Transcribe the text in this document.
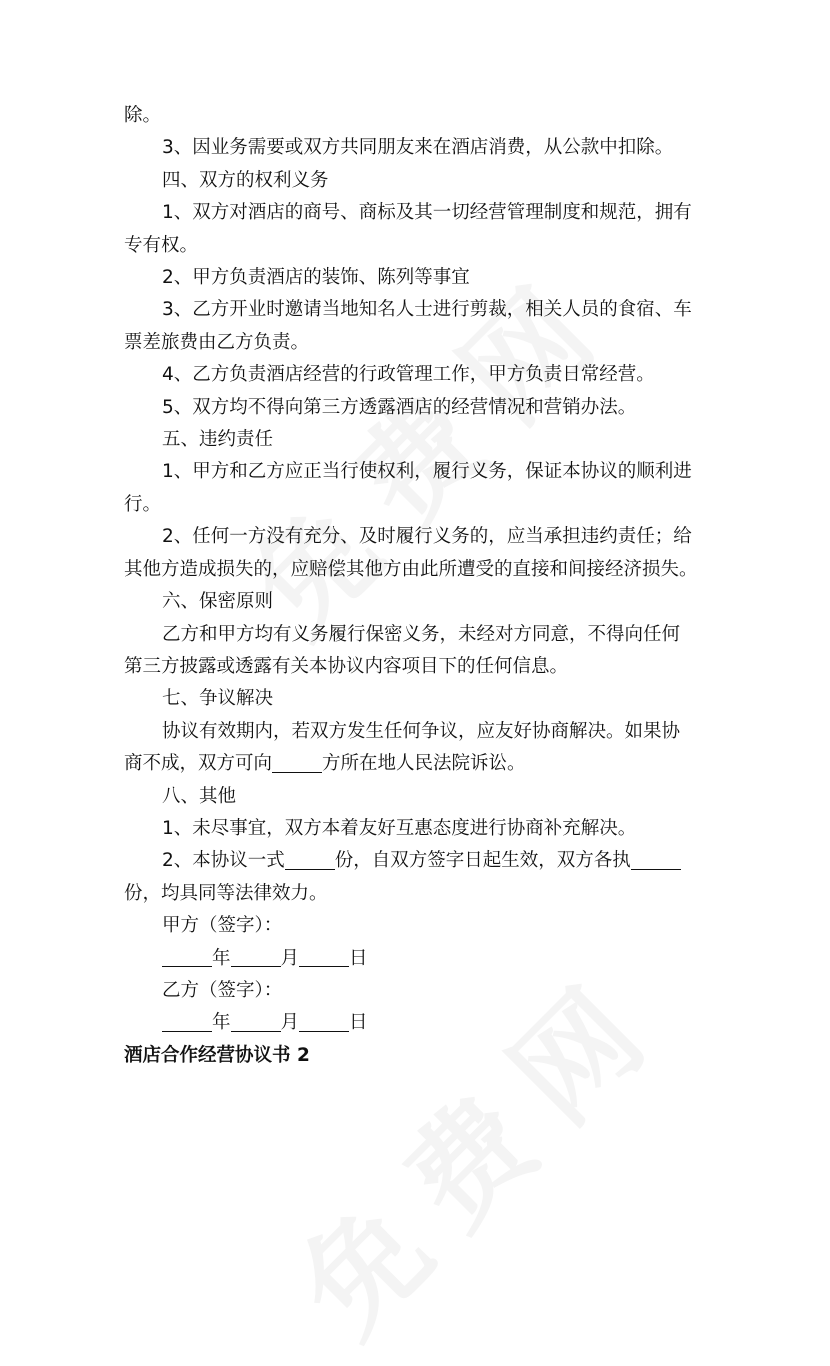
除。

3、因业务需要或双方共同朋友来在酒店消费，从公款中扣除。

四、双方的权利义务

1、双方对酒店的商号、商标及其一切经营管理制度和规范，拥有

专有权。

2、甲方负责酒店的装饰、陈列等事宜

3、乙方开业时邀请当地知名人士进行剪裁，相关人员的食宿、车

票差旅费由乙方负责。

4、乙方负责酒店经营的行政管理工作，甲方负责日常经营。

5、双方均不得向第三方透露酒店的经营情况和营销办法。

五、违约责任

1、甲方和乙方应正当行使权利，履行义务，保证本协议的顺利进

行。

2、任何一方没有充分、及时履行义务的，应当承担违约责任；给

其他方造成损失的，应赔偿其他方由此所遭受的直接和间接经济损失。

六、保密原则

乙方和甲方均有义务履行保密义务，未经对方同意，不得向任何

第三方披露或透露有关本协议内容项目下的任何信息。

七、争议解决

协议有效期内，若双方发生任何争议，应友好协商解决。如果协

商不成，双方可向	方所在地人民法院诉讼。

八、其他

1、未尽事宜，双方本着友好互惠态度进行协商补充解决。

2、本协议一式	份，自双方签字日起生效，双方各执

份，均具同等法律效力。

甲方（签字）：

年	月	日

乙方（签字）：

年	月	日

酒店合作经营协议书 2
